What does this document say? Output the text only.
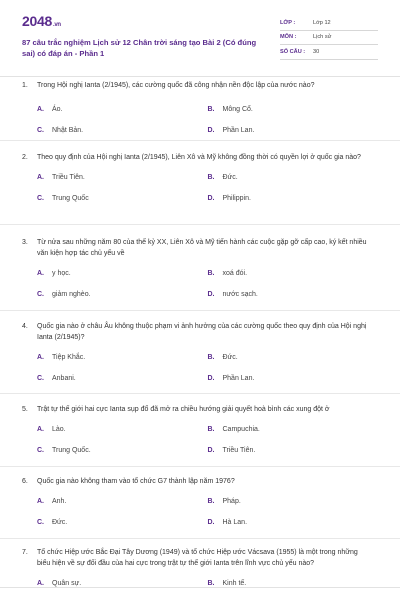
2048.vn
87 câu trắc nghiệm Lịch sử 12 Chân trời sáng tạo Bài 2 (Có đúng sai) có đáp án - Phần 1
LỚP :	Lớp 12
MÔN :	Lịch sử
SỐ CÂU :	30
1.	Trong Hội nghị Ianta (2/1945), các cường quốc đã công nhận nền độc lập của nước nào?
A.	Áo.	B.	Mông Cổ.
C.	Nhật Bản.	D.	Phần Lan.
2.	Theo quy định của Hội nghị Ianta (2/1945), Liên Xô và Mỹ không đồng thời có quyền lợi ở quốc gia nào?
A.	Triều Tiên.	B.	Đức.
C.	Trung Quốc	D.	Philippin.
3.	Từ nửa sau những năm 80 của thế kỷ XX, Liên Xô và Mỹ tiến hành các cuộc gặp gỡ cấp cao, ký kết nhiều văn kiện hợp tác chủ yếu về
A.	y học.	B.	xoá đói.
C.	giảm nghèo.	D.	nước sạch.
4.	Quốc gia nào ở châu Âu không thuộc phạm vi ảnh hưởng của các cường quốc theo quy định của Hội nghị Ianta (2/1945)?
A.	Tiệp Khắc.	B.	Đức.
C.	Anbani.	D.	Phần Lan.
5.	Trật tự thế giới hai cực Ianta sụp đổ đã mở ra chiều hướng giải quyết hoà bình các xung đột ở
A.	Lào.	B.	Campuchia.
C.	Trung Quốc.	D.	Triều Tiên.
6.	Quốc gia nào không tham vào tổ chức G7 thành lập năm 1976?
A.	Anh.	B.	Pháp.
C.	Đức.	D.	Hà Lan.
7.	Tổ chức Hiệp ước Bắc Đại Tây Dương (1949) và tổ chức Hiệp ước Vácsava (1955) là một trong những biểu hiện về sự đối đầu của hai cực trong trật tự thế giới Ianta trên lĩnh vực chủ yếu nào?
A.	Quân sự.	B.	Kinh tế.
